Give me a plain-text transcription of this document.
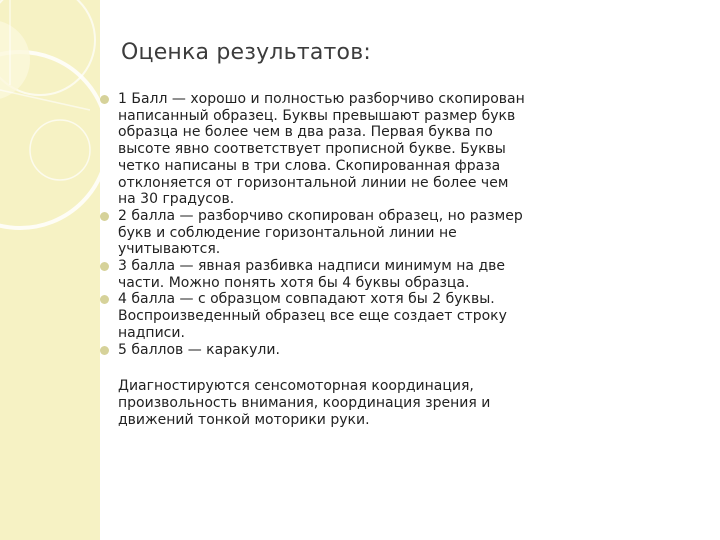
Оценка результатов:
1 Балл — хорошо и полностью разборчиво скопирован написанный образец. Буквы превышают размер букв образца не более чем в два раза. Первая буква по высоте явно соответствует прописной букве. Буквы четко написаны в три слова. Скопированная фраза отклоняется от горизонтальной линии не более чем на 30 градусов.
2 балла — разборчиво скопирован образец, но размер букв и соблюдение горизонтальной линии не учитываются.
3 балла — явная разбивка надписи минимум на две части. Можно понять хотя бы 4 буквы образца.
4 балла — с образцом совпадают хотя бы 2 буквы. Воспроизведенный образец все еще создает строку надписи.
5 баллов — каракули.
Диагностируются сенсомоторная координация, произвольность внимания, координация зрения и движений тонкой моторики руки.
